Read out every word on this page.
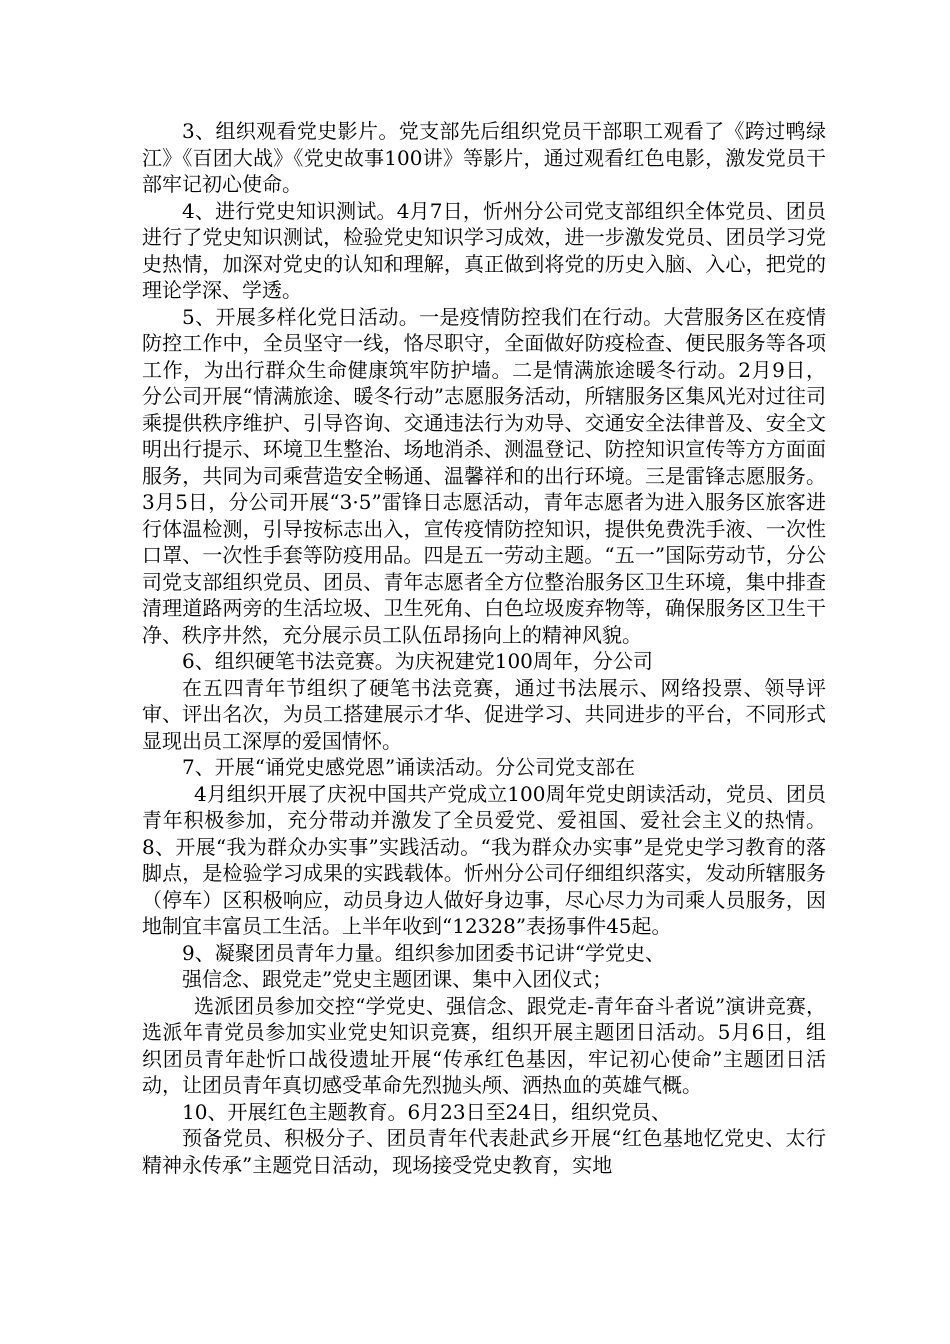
3、组织观看党史影片。党支部先后组织党员干部职工观看了《跨过鸭绿江》《百团大战》《党史故事100讲》等影片，通过观看红色电影，激发党员干部牢记初心使命。

4、进行党史知识测试。4月7日，忻州分公司党支部组织全体党员、团员进行了党史知识测试，检验党史知识学习成效，进一步激发党员、团员学习党史热情，加深对党史的认知和理解，真正做到将党的历史入脑、入心，把党的理论学深、学透。

5、开展多样化党日活动。一是疫情防控我们在行动。大营服务区在疫情防控工作中，全员坚守一线，恪尽职守，全面做好防疫检查、便民服务等各项工作，为出行群众生命健康筑牢防护墙。二是情满旅途暖冬行动。2月9日，分公司开展“情满旅途、暖冬行动”志愿服务活动，所辖服务区集风光对过往司乘提供秩序维护、引导咨询、交通违法行为劝导、交通安全法律普及、安全文明出行提示、环境卫生整治、场地消杀、测温登记、防控知识宣传等方方面面服务，共同为司乘营造安全畅通、温馨祥和的出行环境。三是雷锋志愿服务。3月5日，分公司开展“3·5”雷锋日志愿活动，青年志愿者为进入服务区旅客进行体温检测，引导按标志出入，宣传疫情防控知识，提供免费洗手液、一次性口罩、一次性手套等防疫用品。四是五一劳动主题。“五一”国际劳动节，分公司党支部组织党员、团员、青年志愿者全方位整治服务区卫生环境，集中排查清理道路两旁的生活垃圾、卫生死角、白色垃圾废弃物等，确保服务区卫生干净、秩序井然，充分展示员工队伍昂扬向上的精神风貌。

6、组织硬笔书法竞赛。为庆祝建党100周年，分公司

在五四青年节组织了硬笔书法竞赛，通过书法展示、网络投票、领导评审、评出名次，为员工搭建展示才华、促进学习、共同进步的平台，不同形式显现出员工深厚的爱国情怀。

7、开展“诵党史感党恩”诵读活动。分公司党支部在

4月组织开展了庆祝中国共产党成立100周年党史朗读活动，党员、团员青年积极参加，充分带动并激发了全员爱党、爱祖国、爱社会主义的热情。8、开展“我为群众办实事”实践活动。“我为群众办实事”是党史学习教育的落脚点，是检验学习成果的实践载体。忻州分公司仔细组织落实，发动所辖服务（停车）区积极响应，动员身边人做好身边事，尽心尽力为司乘人员服务，因地制宜丰富员工生活。上半年收到“12328”表扬事件45起。

9、凝聚团员青年力量。组织参加团委书记讲“学党史、

强信念、跟党走”党史主题团课、集中入团仪式；

选派团员参加交控“学党史、强信念、跟党走-青年奋斗者说”演讲竞赛，选派年青党员参加实业党史知识竞赛，组织开展主题团日活动。5月6日，组织团员青年赴忻口战役遗址开展“传承红色基因，牢记初心使命”主题团日活动，让团员青年真切感受革命先烈抛头颅、洒热血的英雄气概。

10、开展红色主题教育。6月23日至24日，组织党员、

预备党员、积极分子、团员青年代表赴武乡开展“红色基地忆党史、太行精神永传承”主题党日活动，现场接受党史教育，实地
